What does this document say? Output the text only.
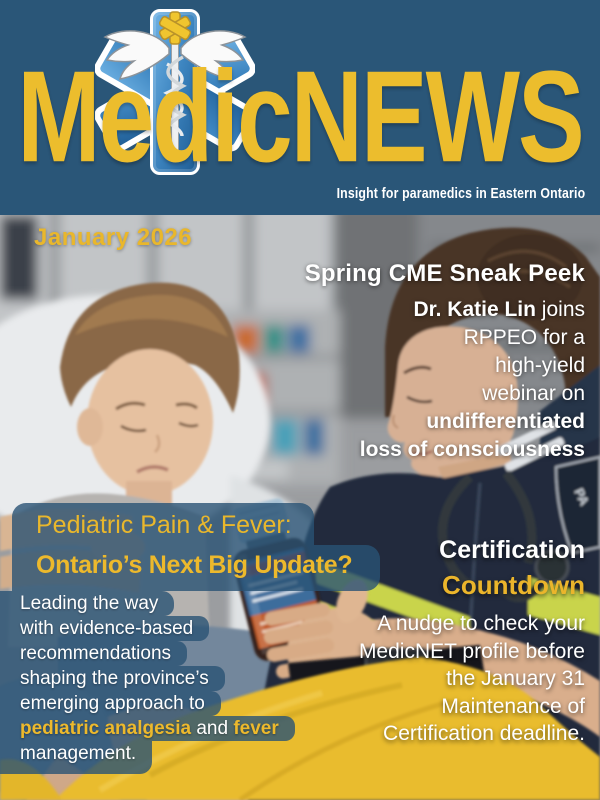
MedicNEWS
Insight for paramedics in Eastern Ontario
PA
January 2026
Spring CME Sneak Peek
Dr. Katie Lin joins
RPPEO for a
high-yield
webinar on
undifferentiated
loss of consciousness
Pediatric Pain & Fever:
Ontario’s Next Big Update?
Leading the way
with evidence-based
recommendations
shaping the province’s
emerging approach to
pediatric analgesia and fever
management.
Certification
Countdown
A nudge to check your
MedicNET profile before
the January 31
Maintenance of
Certification deadline.
